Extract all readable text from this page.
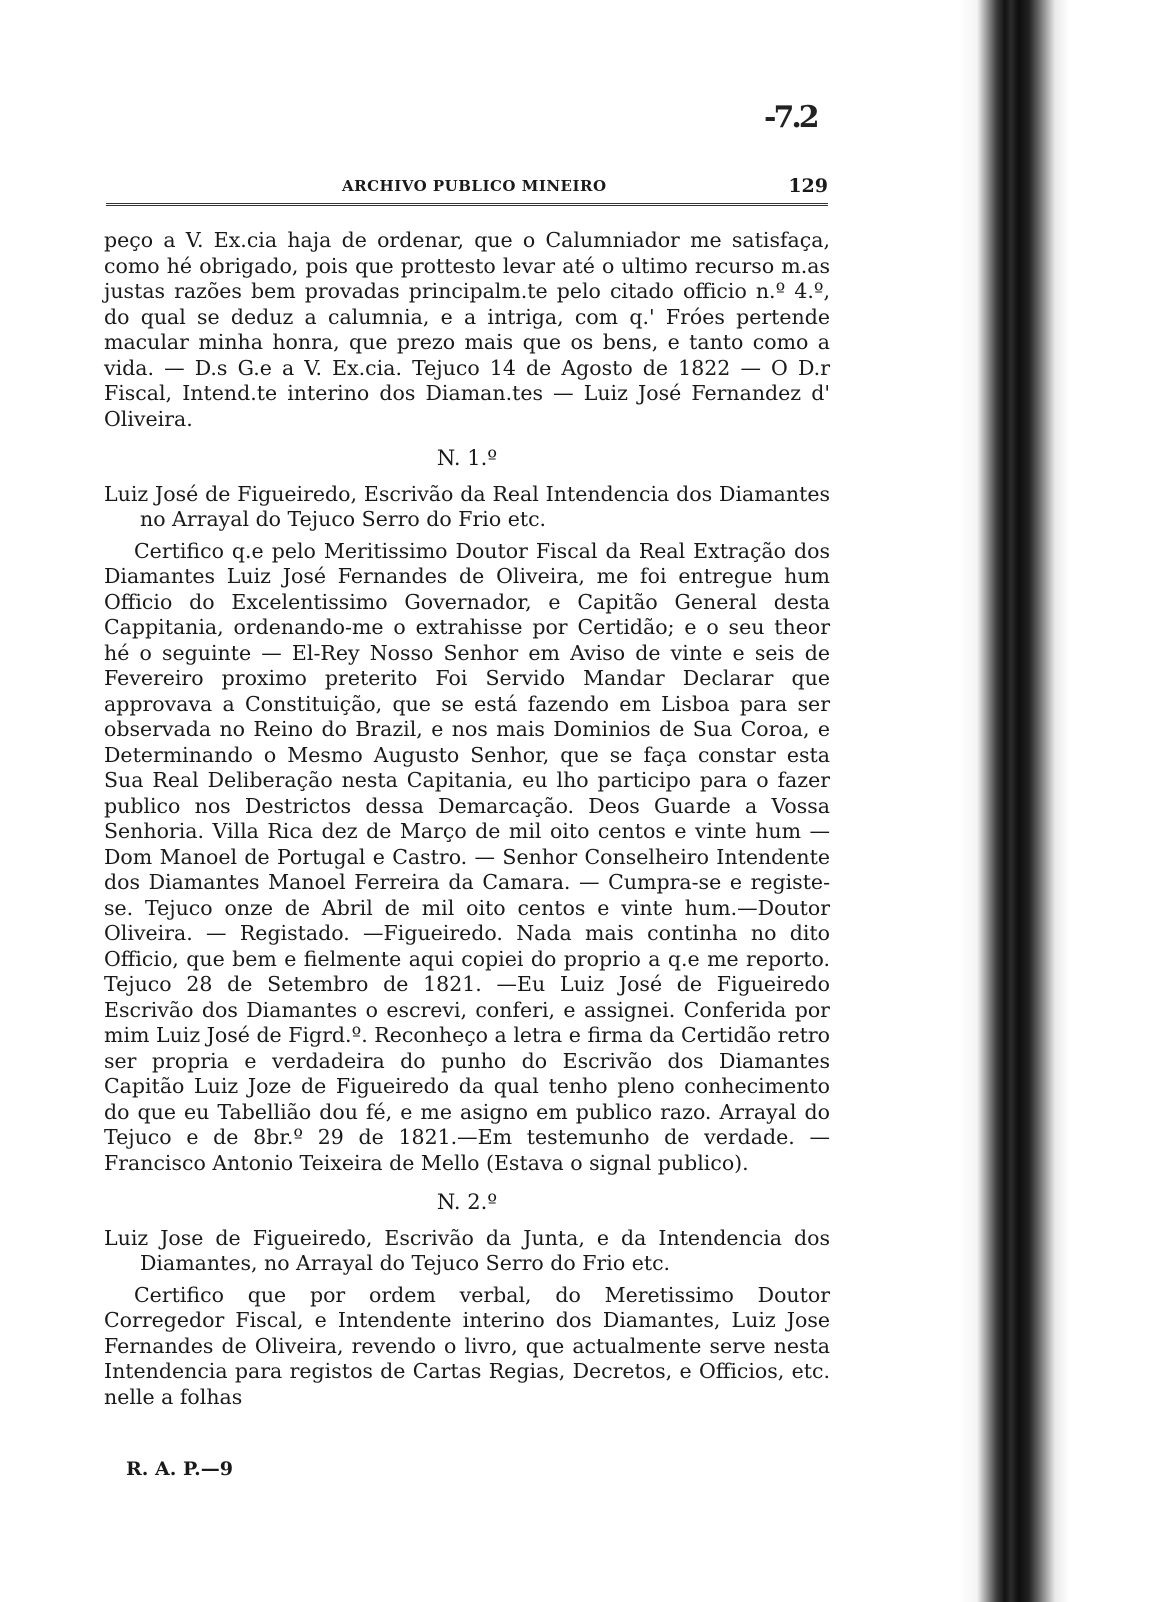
-7.2
ARCHIVO PUBLICO MINEIRO	129

peço a V. Ex.cia haja de ordenar, que o Calumniador me satisfaça, como hé obrigado, pois que prottesto levar até o ultimo recurso m.as justas razões bem provadas principalm.te pelo citado officio n.º 4.º, do qual se deduz a calumnia, e a intriga, com q.' Fróes pertende macular minha honra, que prezo mais que os bens, e tanto como a vida. — D.s G.e a V. Ex.cia. Tejuco 14 de Agosto de 1822 — O D.r Fiscal, Intend.te interino dos Diaman.tes — Luiz José Fernandez d' Oliveira.

N. 1.º

Luiz José de Figueiredo, Escrivão da Real Intendencia dos Diamantes no Arrayal do Tejuco Serro do Frio etc.

Certifico q.e pelo Meritissimo Doutor Fiscal da Real Extração dos Diamantes Luiz José Fernandes de Oliveira, me foi entregue hum Officio do Excelentissimo Governador, e Capitão General desta Cappitania, ordenando-me o extrahisse por Certidão; e o seu theor hé o seguinte — El-Rey Nosso Senhor em Aviso de vinte e seis de Fevereiro proximo preterito Foi Servido Mandar Declarar que approvava a Constituição, que se está fazendo em Lisboa para ser observada no Reino do Brazil, e nos mais Dominios de Sua Coroa, e Determinando o Mesmo Augusto Senhor, que se faça constar esta Sua Real Deliberação nesta Capitania, eu lho participo para o fazer publico nos Destrictos dessa Demarcação. Deos Guarde a Vossa Senhoria. Villa Rica dez de Março de mil oito centos e vinte hum — Dom Manoel de Portugal e Castro. — Senhor Conselheiro Intendente dos Diamantes Manoel Ferreira da Camara. — Cumpra-se e registe-se. Tejuco onze de Abril de mil oito centos e vinte hum.—Doutor Oliveira. — Registado. —Figueiredo. Nada mais continha no dito Officio, que bem e fielmente aqui copiei do proprio a q.e me reporto. Tejuco 28 de Setembro de 1821. —Eu Luiz José de Figueiredo Escrivão dos Diamantes o escrevi, conferi, e assignei. Conferida por mim Luiz José de Figrd.º. Reconheço a letra e firma da Certidão retro ser propria e verdadeira do punho do Escrivão dos Diamantes Capitão Luiz Joze de Figueiredo da qual tenho pleno conhecimento do que eu Tabellião dou fé, e me asigno em publico razo. Arrayal do Tejuco e de 8br.º 29 de 1821.—Em testemunho de verdade. — Francisco Antonio Teixeira de Mello (Estava o signal publico).

N. 2.º

Luiz Jose de Figueiredo, Escrivão da Junta, e da Intendencia dos Diamantes, no Arrayal do Tejuco Serro do Frio etc.

Certifico que por ordem verbal, do Meretissimo Doutor Corregedor Fiscal, e Intendente interino dos Diamantes, Luiz Jose Fernandes de Oliveira, revendo o livro, que actualmente serve nesta Intendencia para registos de Cartas Regias, Decretos, e Officios, etc. nelle a folhas

R. A. P.—9
